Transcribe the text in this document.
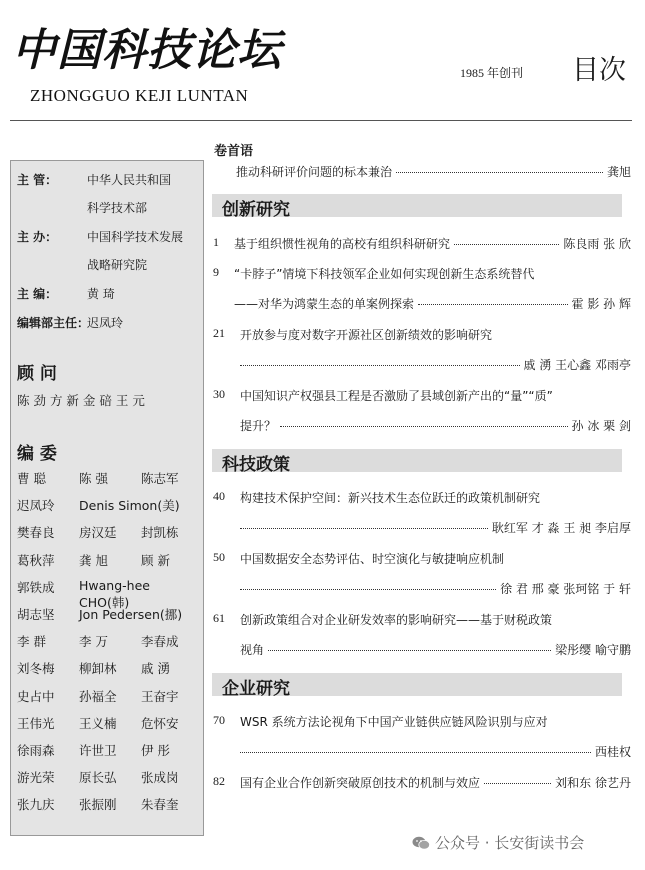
中国科技论坛
ZHONGGUO KEJI LUNTAN
1985 年创刊 目次
主 管： 中华人民共和国
科学技术部
主 办： 中国科学技术发展
战略研究院
主 编： 黄 琦
编辑部主任：
迟凤玲
顾 问
陈 劲 方 新 金 碚 王 元
编 委
曹 聪	陈 强	陈志军
迟凤玲 Denis Simon(美)
樊春良 房汉廷 封凯栋
葛秋萍 龚 旭	顾 新
郭铁成 Hwang-hee CHO(韩)
胡志坚 Jon Pedersen(挪)
李 群	李 万	李春成
刘冬梅 柳卸林 戚 湧
史占中 孙福全 王奋宇
王伟光 王义楠 危怀安
徐雨森 许世卫 伊 彤
游光荣 原长弘 张成岗
张九庆 张振刚 朱春奎
卷首语
推动科研评价问题的标本兼治	龚旭
创新研究
1 基于组织惯性视角的高校有组织科研研究	陈良雨 张 欣
9 “卡脖子”情境下科技领军企业如何实现创新生态系统替代
——对华为鸿蒙生态的单案例探索	霍 影 孙 辉
21 开放参与度对数字开源社区创新绩效的影响研究
戚 湧 王心鑫 邓雨亭
30 中国知识产权强县工程是否激励了县域创新产出的“量”“质”
提升？	孙 冰 栗 剑
科技政策
40 构建技术保护空间：新兴技术生态位跃迁的政策机制研究
耿红军 才 淼 王 昶 李启厚
50 中国数据安全态势评估、时空演化与敏捷响应机制
徐 君 邢 豪 张珂铭 于 轩
61 创新政策组合对企业研发效率的影响研究——基于财税政策
视角	梁彤缨 喻守鹏
企业研究
70 WSR 系统方法论视角下中国产业链供应链风险识别与应对
西桂权
82 国有企业合作创新突破原创技术的机制与效应	刘和东 徐艺丹
公众号 · 长安街读书会
